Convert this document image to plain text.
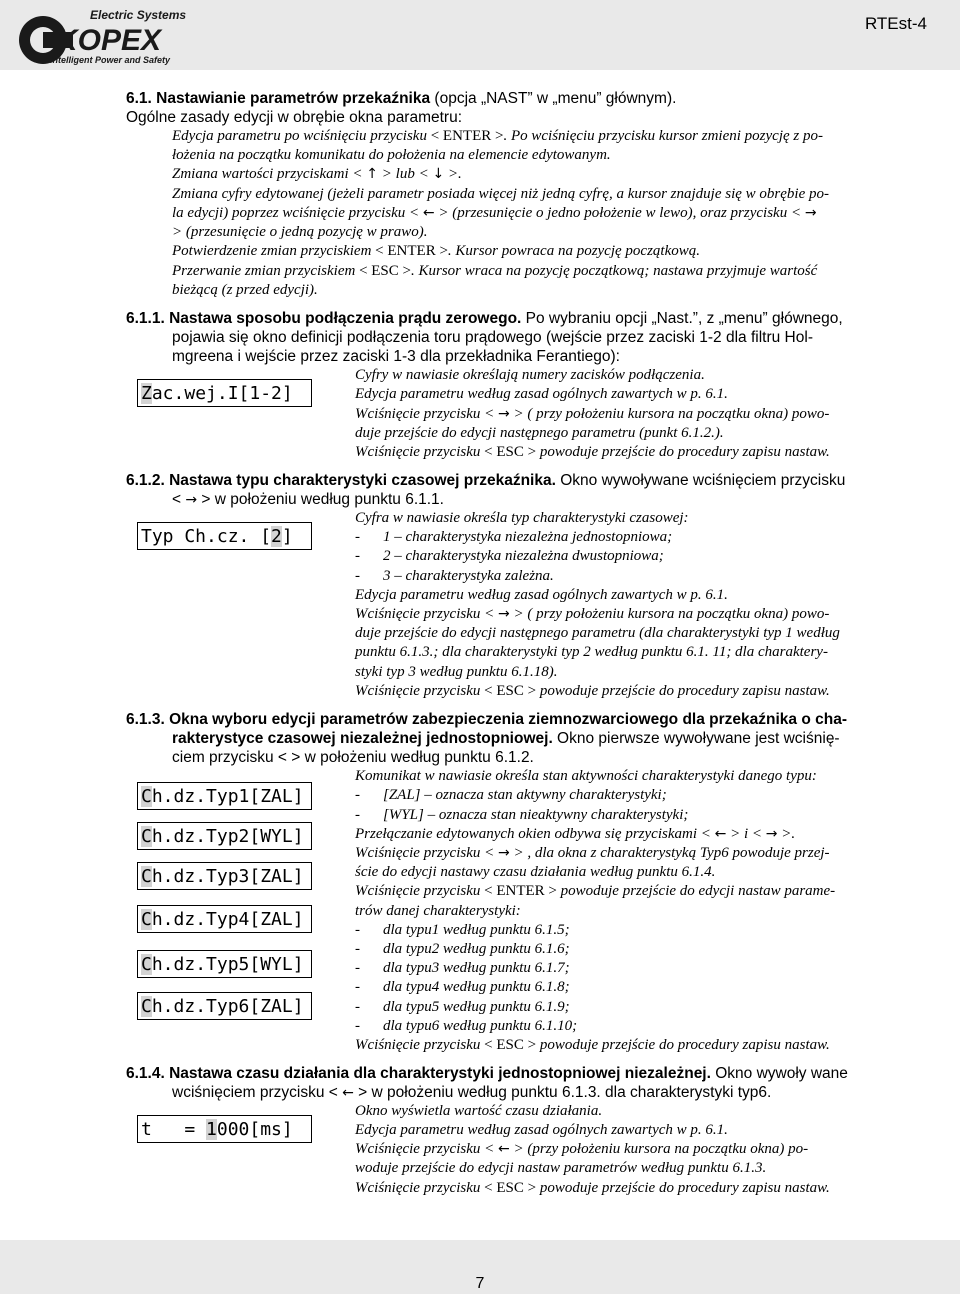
Electric Systems
KOPEX
Intelligent Power and Safety
RTEst-4
6.1. Nastawianie parametrów przekaźnika (opcja „NAST” w „menu” głównym).
Ogólne zasady edycji w obrębie okna parametru:
Edycja parametru po wciśnięciu przycisku < ENTER >. Po wciśnięciu przycisku kursor zmieni pozycję z po-
łożenia na początku komunikatu do położenia na elemencie edytowanym.
Zmiana wartości przyciskami < ↑ > lub < ↓ >.
Zmiana cyfry edytowanej (jeżeli parametr posiada więcej niż jedną cyfrę, a kursor znajduje się w obrębie po-
la edycji) poprzez wciśnięcie przycisku < ← > (przesunięcie o jedno położenie w lewo), oraz przycisku < →
> (przesunięcie o jedną pozycję w prawo).
Potwierdzenie zmian przyciskiem < ENTER >. Kursor powraca na pozycję początkową.
Przerwanie zmian przyciskiem < ESC >. Kursor wraca na pozycję początkową; nastawa przyjmuje wartość
bieżącą (z przed edycji).
6.1.1. Nastawa sposobu podłączenia prądu zerowego. Po wybraniu opcji „Nast.”, z „menu” głównego,
pojawia się okno definicji podłączenia toru prądowego (wejście przez zaciski 1-2 dla filtru Hol-
mgreena i wejście przez zaciski 1-3 dla przekładnika Ferantiego):
Zac.wej.I[1-2]
Cyfry w nawiasie określają numery zacisków podłączenia.
Edycja parametru według zasad ogólnych zawartych w p. 6.1.
Wciśnięcie przycisku < → > ( przy położeniu kursora na początku okna) powo-
duje przejście do edycji następnego parametru (punkt 6.1.2.).
Wciśnięcie przycisku < ESC > powoduje przejście do procedury zapisu nastaw.
6.1.2. Nastawa typu charakterystyki czasowej przekaźnika. Okno wywoływane wciśnięciem przycisku
< → > w położeniu według punktu 6.1.1.
Typ Ch.cz. [2]
Cyfra w nawiasie określa typ charakterystyki czasowej:
- 1 – charakterystyka niezależna jednostopniowa;
- 2 – charakterystyka niezależna dwustopniowa;
- 3 – charakterystyka zależna.
Edycja parametru według zasad ogólnych zawartych w p. 6.1.
Wciśnięcie przycisku < → > ( przy położeniu kursora na początku okna) powo-
duje przejście do edycji następnego parametru (dla charakterystyki typ 1 według
punktu 6.1.3.; dla charakterystyki typ 2 według punktu 6.1. 11; dla charaktery-
styki typ 3 według punktu 6.1.18).
Wciśnięcie przycisku < ESC > powoduje przejście do procedury zapisu nastaw.
6.1.3. Okna wyboru edycji parametrów zabezpieczenia ziemnozwarciowego dla przekaźnika o cha-
rakterystyce czasowej niezależnej jednostopniowej. Okno pierwsze wywoływane jest wciśnię-
ciem przycisku < > w położeniu według punktu 6.1.2.
Ch.dz.Typ1[ZAL]
Ch.dz.Typ2[WYL]
Ch.dz.Typ3[ZAL]
Ch.dz.Typ4[ZAL]
Ch.dz.Typ5[WYL]
Ch.dz.Typ6[ZAL]
Komunikat w nawiasie określa stan aktywności charakterystyki danego typu:
- [ZAL] – oznacza stan aktywny charakterystyki;
- [WYL] – oznacza stan nieaktywny charakterystyki;
Przełączanie edytowanych okien odbywa się przyciskami < ← > i < → >.
Wciśnięcie przycisku < → > , dla okna z charakterystyką Typ6 powoduje przej-
ście do edycji nastawy czasu działania według punktu 6.1.4.
Wciśnięcie przycisku < ENTER > powoduje przejście do edycji nastaw parame-
trów danej charakterystyki:
- dla typu1 według punktu 6.1.5;
- dla typu2 według punktu 6.1.6;
- dla typu3 według punktu 6.1.7;
- dla typu4 według punktu 6.1.8;
- dla typu5 według punktu 6.1.9;
- dla typu6 według punktu 6.1.10;
Wciśnięcie przycisku < ESC > powoduje przejście do procedury zapisu nastaw.
6.1.4. Nastawa czasu działania dla charakterystyki jednostopniowej niezależnej. Okno wywoły wane
wciśnięciem przycisku < ← > w położeniu według punktu 6.1.3. dla charakterystyki typ6.
t   = 1000[ms]
Okno wyświetla wartość czasu działania.
Edycja parametru według zasad ogólnych zawartych w p. 6.1.
Wciśnięcie przycisku < ← > (przy położeniu kursora na początku okna) po-
woduje przejście do edycji nastaw parametrów według punktu 6.1.3.
Wciśnięcie przycisku < ESC > powoduje przejście do procedury zapisu nastaw.
7
